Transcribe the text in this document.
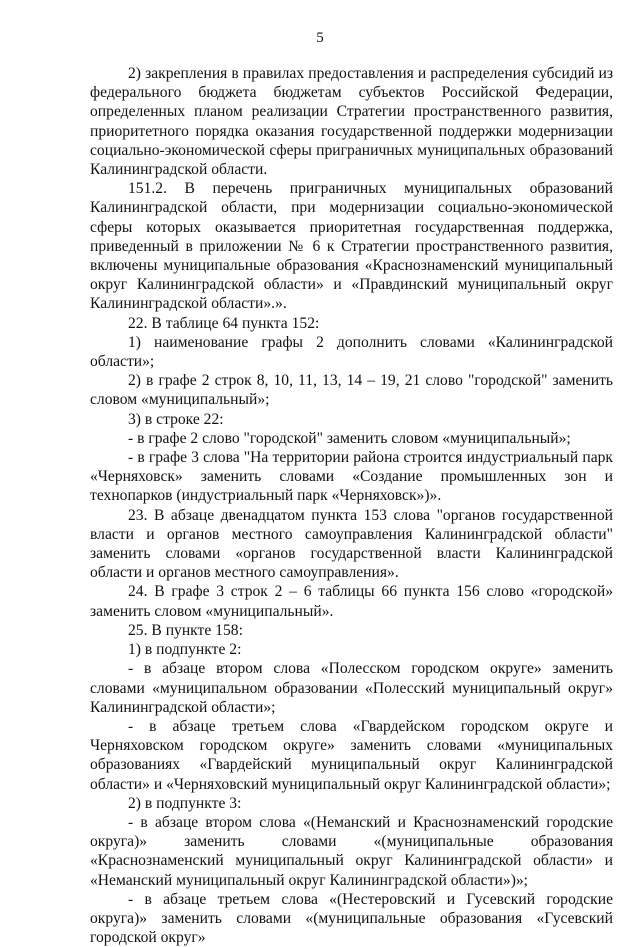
5

2) закрепления в правилах предоставления и распределения субсидий из федерального бюджета бюджетам субъектов Российской Федерации, определенных планом реализации Стратегии пространственного развития, приоритетного порядка оказания государственной поддержки модернизации социально-экономической сферы приграничных муниципальных образований Калининградской области.

151.2. В перечень приграничных муниципальных образований Калининградской области, при модернизации социально-экономической сферы которых оказывается приоритетная государственная поддержка, приведенный в приложении № 6 к Стратегии пространственного развития, включены муниципальные образования «Краснознаменский муниципальный округ Калининградской области» и «Правдинский муниципальный округ Калининградской области».».

22. В таблице 64 пункта 152:

1) наименование графы 2 дополнить словами «Калининградской области»;

2) в графе 2 строк 8, 10, 11, 13, 14 – 19, 21 слово "городской" заменить словом «муниципальный»;

3) в строке 22:

- в графе 2 слово "городской" заменить словом «муниципальный»;

- в графе 3 слова "На территории района строится индустриальный парк «Черняховск» заменить словами «Создание промышленных зон и технопарков (индустриальный парк «Черняховск»)».

23. В абзаце двенадцатом пункта 153 слова "органов государственной власти и органов местного самоуправления Калининградской области" заменить словами «органов государственной власти Калининградской области и органов местного самоуправления».

24. В графе 3 строк 2 – 6 таблицы 66 пункта 156 слово «городской» заменить словом «муниципальный».

25. В пункте 158:

1) в подпункте 2:

- в абзаце втором слова «Полесском городском округе» заменить словами «муниципальном образовании «Полесский муниципальный округ» Калининградской области»;

- в абзаце третьем слова «Гвардейском городском округе и Черняховском городском округе» заменить словами «муниципальных образованиях «Гвардейский муниципальный округ Калининградской области» и «Черняховский муниципальный округ Калининградской области»;

2) в подпункте 3:

- в абзаце втором слова «(Неманский и Краснознаменский городские округа)» заменить словами «(муниципальные образования «Краснознаменский муниципальный округ Калининградской области» и «Неманский муниципальный округ Калининградской области»)»;

- в абзаце третьем слова «(Нестеровский и Гусевский городские округа)» заменить словами «(муниципальные образования «Гусевский городской округ»
